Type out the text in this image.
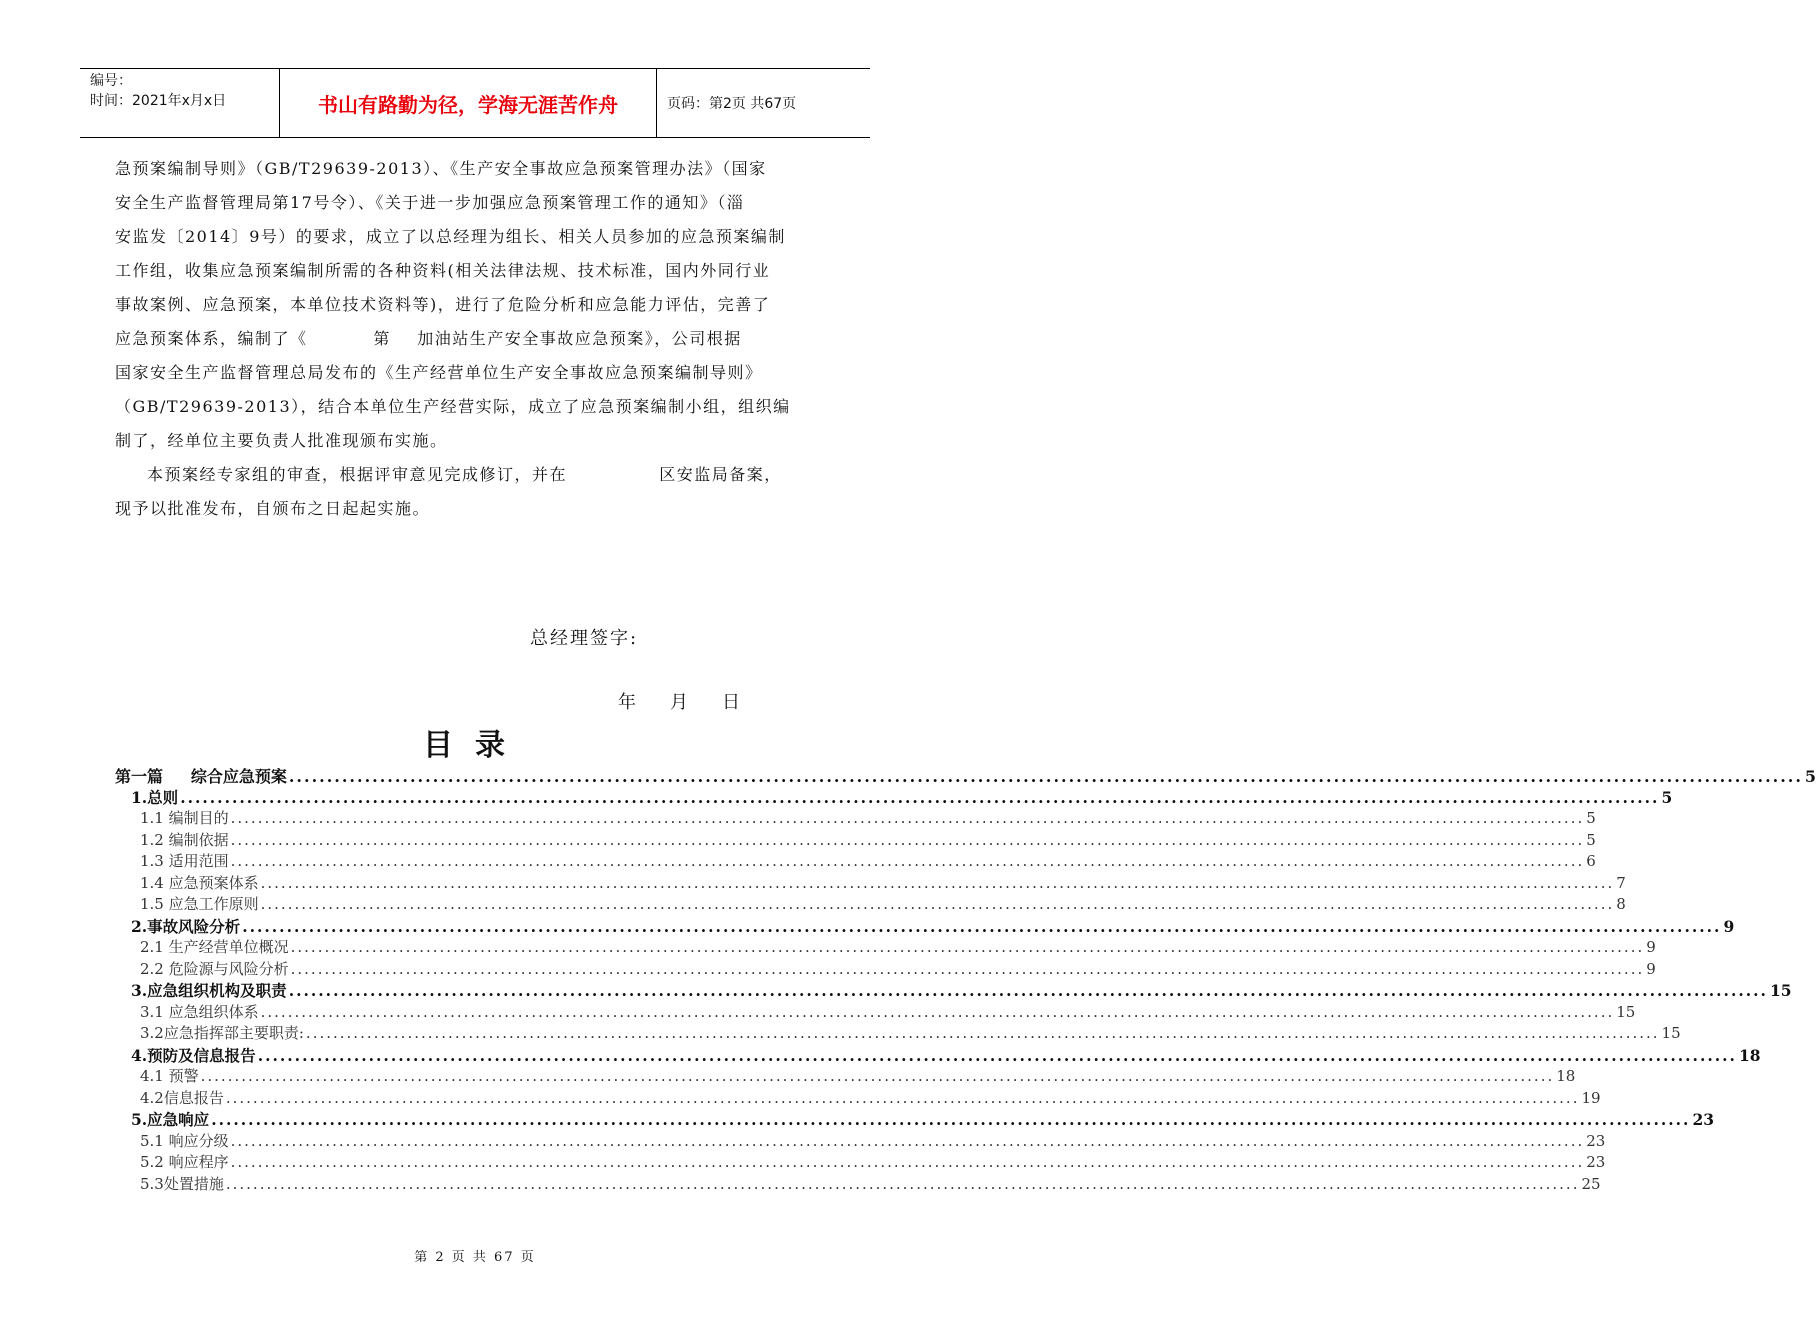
编号：
时间：2021年x月x日	书山有路勤为径，学海无涯苦作舟	页码：第2页 共67页

急预案编制导则》（GB/T29639-2013）、《生产安全事故应急预案管理办法》（国家
安全生产监督管理局第17号令）、《关于进一步加强应急预案管理工作的通知》（淄
安监发〔2014〕9号）的要求，成立了以总经理为组长、相关人员参加的应急预案编制
工作组，收集应急预案编制所需的各种资料(相关法律法规、技术标准，国内外同行业
事故案例、应急预案，本单位技术资料等)，进行了危险分析和应急能力评估，完善了
应急预案体系，编制了《          第    加油站生产安全事故应急预案》，公司根据
国家安全生产监督管理总局发布的《生产经营单位生产安全事故应急预案编制导则》
（GB/T29639-2013），结合本单位生产经营实际，成立了应急预案编制小组，组织编
制了，经单位主要负责人批准现颁布实施。

本预案经专家组的审查，根据评审意见完成修订，并在              区安监局备案，
现予以批准发布，自颁布之日起起实施。

总经理签字:
年 月 日
目录
第一篇     综合应急预案 ........................................................................................................................................................................................................ 5
1.总则 ........................................................................................................................................................................................................ 5
1.1 编制目的 ........................................................................................................................................................................................................ 5
1.2 编制依据 ........................................................................................................................................................................................................ 5
1.3 适用范围 ........................................................................................................................................................................................................ 6
1.4 应急预案体系 ........................................................................................................................................................................................................ 7
1.5 应急工作原则 ........................................................................................................................................................................................................ 8
2.事故风险分析 ........................................................................................................................................................................................................ 9
2.1 生产经营单位概况 ........................................................................................................................................................................................................ 9
2.2 危险源与风险分析 ........................................................................................................................................................................................................ 9
3.应急组织机构及职责 ........................................................................................................................................................................................................ 15
3.1 应急组织体系 ........................................................................................................................................................................................................ 15
3.2应急指挥部主要职责: ........................................................................................................................................................................................................ 15
4.预防及信息报告 ........................................................................................................................................................................................................ 18
4.1 预警 ........................................................................................................................................................................................................ 18
4.2信息报告 ........................................................................................................................................................................................................ 19
5.应急响应 ........................................................................................................................................................................................................ 23
5.1 响应分级 ........................................................................................................................................................................................................ 23
5.2 响应程序 ........................................................................................................................................................................................................ 23
5.3处置措施 ........................................................................................................................................................................................................ 25
第 2 页 共 67 页
